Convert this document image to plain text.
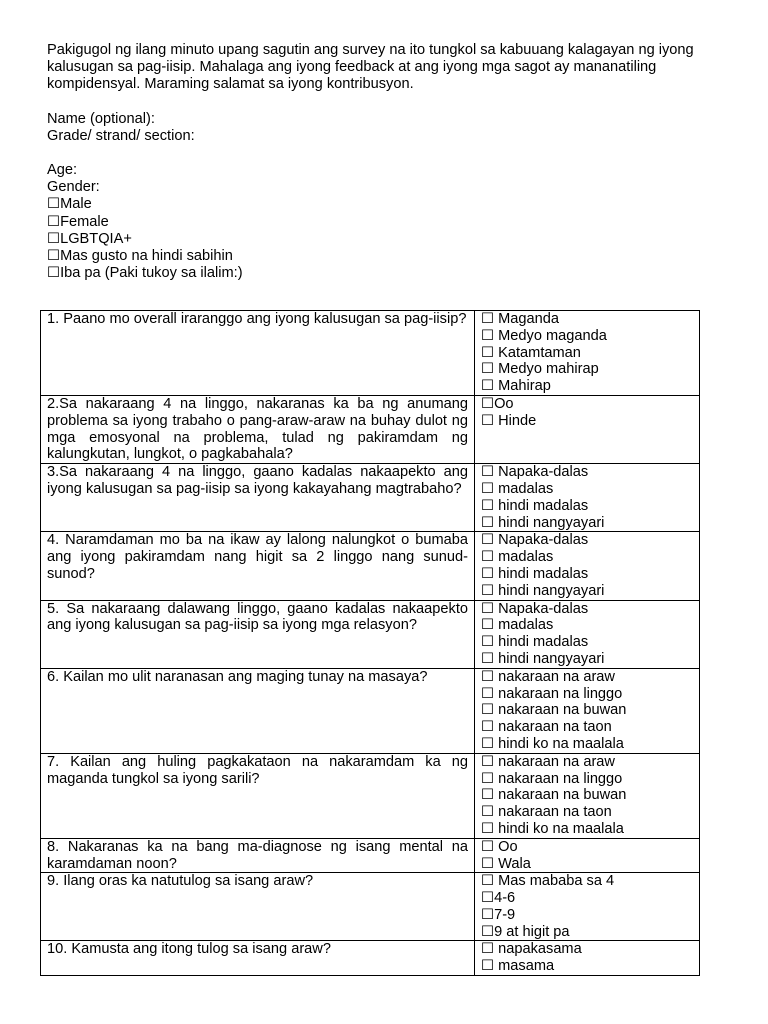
Pakigugol ng ilang minuto upang sagutin ang survey na ito tungkol sa kabuuang kalagayan ng iyong kalusugan sa pag-iisip. Mahalaga ang iyong feedback at ang iyong mga sagot ay mananatiling kompidensyal. Maraming salamat sa iyong kontribusyon.

Name (optional):

Grade/ strand/ section:

Age:

Gender:

☐Male

☐Female

☐LGBTQIA+

☐Mas gusto na hindi sabihin

☐Iba pa (Paki tukoy sa ilalim:)

1. Paano mo overall iraranggo ang iyong kalusugan sa pag-iisip?	☐ Maganda
☐ Medyo maganda
☐ Katamtaman
☐ Medyo mahirap
☐ Mahirap

2.Sa nakaraang 4 na linggo, nakaranas ka ba ng anumang problema sa iyong trabaho o pang-araw-araw na buhay dulot ng mga emosyonal na problema, tulad ng pakiramdam ng kalungkutan, lungkot, o pagkabahala?	☐Oo
☐ Hinde

3.Sa nakaraang 4 na linggo, gaano kadalas nakaapekto ang iyong kalusugan sa pag-iisip sa iyong kakayahang magtrabaho?	☐ Napaka-dalas
☐ madalas
☐ hindi madalas
☐ hindi nangyayari

4. Naramdaman mo ba na ikaw ay lalong nalungkot o bumaba ang iyong pakiramdam nang higit sa 2 linggo nang sunud-sunod?	☐ Napaka-dalas
☐ madalas
☐ hindi madalas
☐ hindi nangyayari

5. Sa nakaraang dalawang linggo, gaano kadalas nakaapekto ang iyong kalusugan sa pag-iisip sa iyong mga relasyon?	☐ Napaka-dalas
☐ madalas
☐ hindi madalas
☐ hindi nangyayari

6. Kailan mo ulit naranasan ang maging tunay na masaya?	☐ nakaraan na araw
☐ nakaraan na linggo
☐ nakaraan na buwan
☐ nakaraan na taon
☐ hindi ko na maalala

7. Kailan ang huling pagkakataon na nakaramdam ka ng maganda tungkol sa iyong sarili?	☐ nakaraan na araw
☐ nakaraan na linggo
☐ nakaraan na buwan
☐ nakaraan na taon
☐ hindi ko na maalala

8. Nakaranas ka na bang ma-diagnose ng isang mental na karamdaman noon?	☐ Oo
☐ Wala

9. Ilang oras ka natutulog sa isang araw?	☐ Mas mababa sa 4
☐4-6
☐7-9
☐9 at higit pa

10. Kamusta ang itong tulog sa isang araw?	☐ napakasama
☐ masama
